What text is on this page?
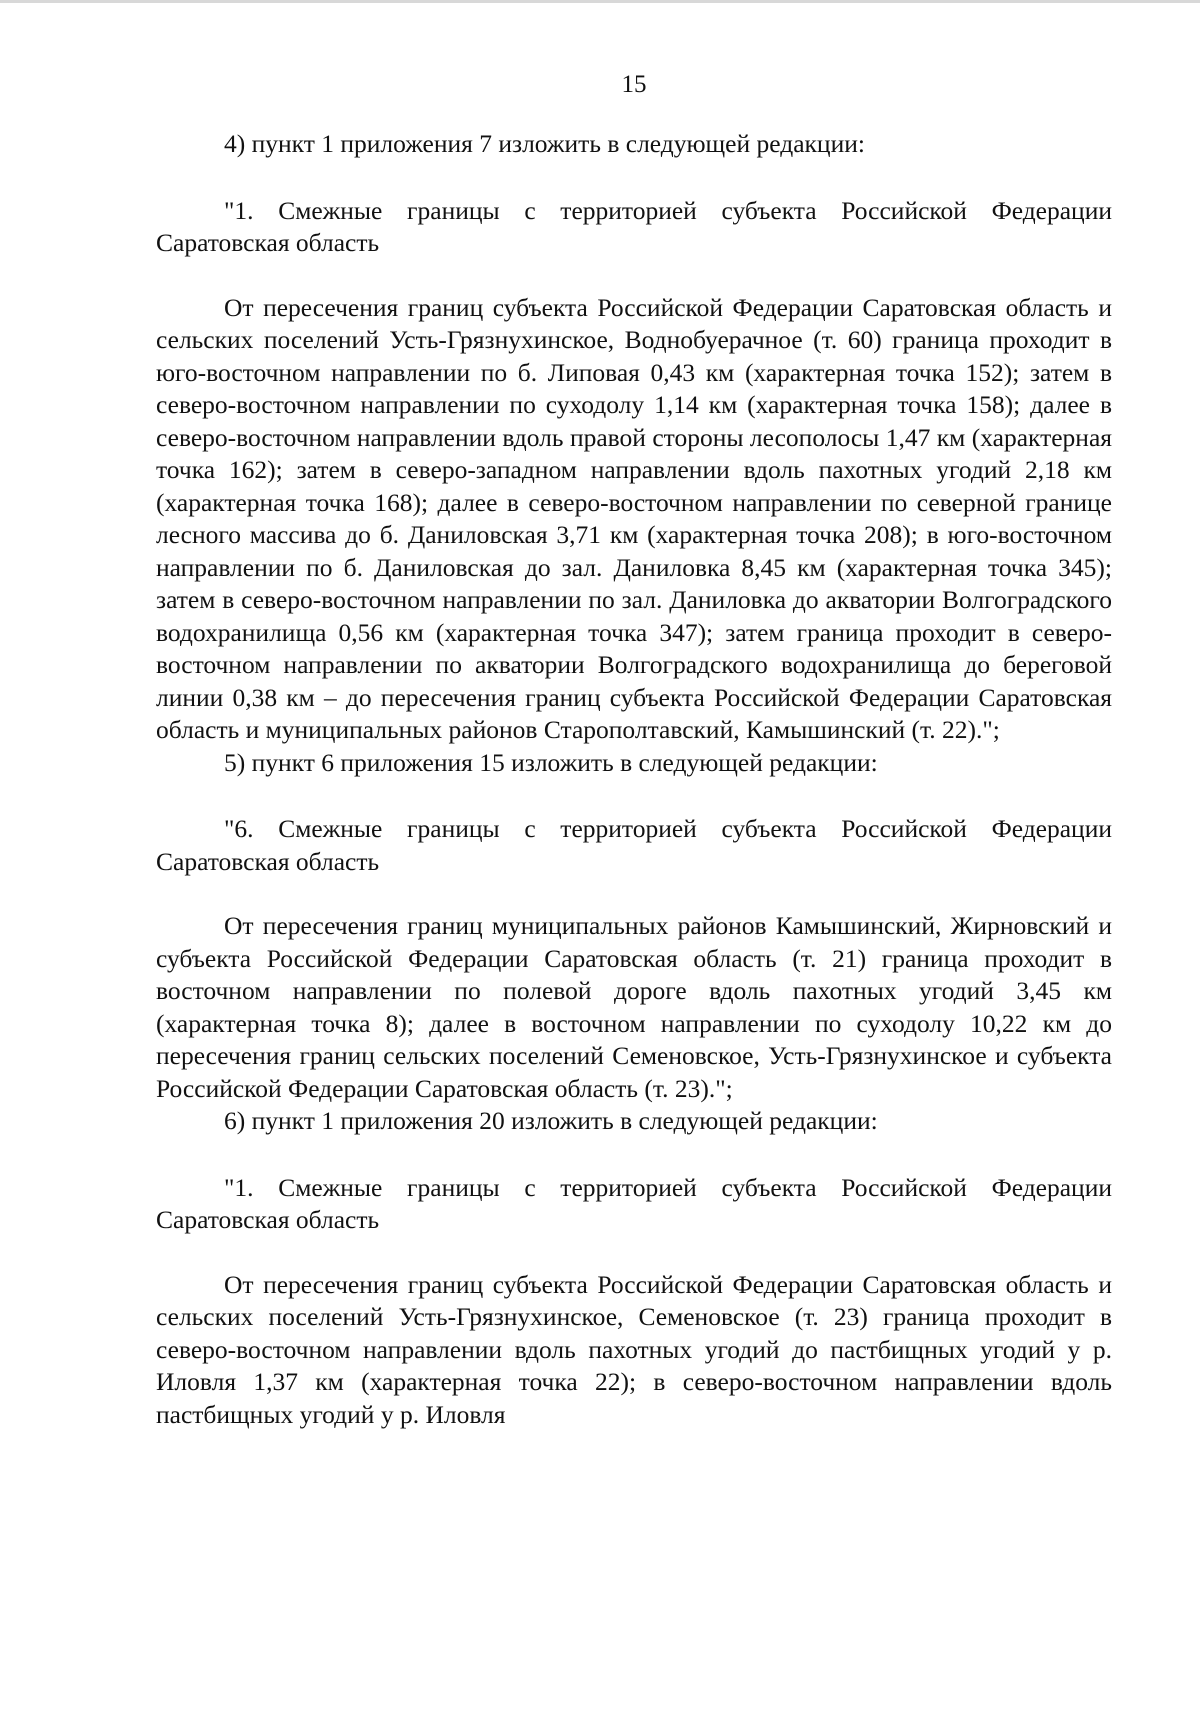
15

4) пункт 1 приложения 7 изложить в следующей редакции:

"1. Смежные границы с территорией субъекта Российской Федерации Саратовская область

От пересечения границ субъекта Российской Федерации Саратовская область и сельских поселений Усть-Грязнухинское, Воднобуерачное (т. 60) граница проходит в юго-восточном направлении по б. Липовая 0,43 км (характерная точка 152); затем в северо-восточном направлении по суходолу 1,14 км (характерная точка 158); далее в северо-восточном направлении вдоль правой стороны лесополосы 1,47 км (характерная точка 162); затем в северо-западном направлении вдоль пахотных угодий 2,18 км (характерная точка 168); далее в северо-восточном направлении по северной границе лесного массива до б. Даниловская 3,71 км (характерная точка 208); в юго-восточном направлении по б. Даниловская до зал. Даниловка 8,45 км (характерная точка 345); затем в северо-восточном направлении по зал. Даниловка до акватории Волгоградского водохранилища 0,56 км (характерная точка 347); затем граница проходит в северо-восточном направлении по акватории Волгоградского водохранилища до береговой линии 0,38 км – до пересечения границ субъекта Российской Федерации Саратовская область и муниципальных районов Старополтавский, Камышинский (т. 22).";

5) пункт 6 приложения 15 изложить в следующей редакции:

"6. Смежные границы с территорией субъекта Российской Федерации Саратовская область

От пересечения границ муниципальных районов Камышинский, Жирновский и субъекта Российской Федерации Саратовская область (т. 21) граница проходит в восточном направлении по полевой дороге вдоль пахотных угодий 3,45 км (характерная точка 8); далее в восточном направлении по суходолу 10,22 км до пересечения границ сельских поселений Семеновское, Усть-Грязнухинское и субъекта Российской Федерации Саратовская область (т. 23).";

6) пункт 1 приложения 20 изложить в следующей редакции:

"1. Смежные границы с территорией субъекта Российской Федерации Саратовская область

От пересечения границ субъекта Российской Федерации Саратовская область и сельских поселений Усть-Грязнухинское, Семеновское (т. 23) граница проходит в северо-восточном направлении вдоль пахотных угодий до пастбищных угодий у р. Иловля 1,37 км (характерная точка 22); в северо-восточном направлении вдоль пастбищных угодий у р. Иловля
